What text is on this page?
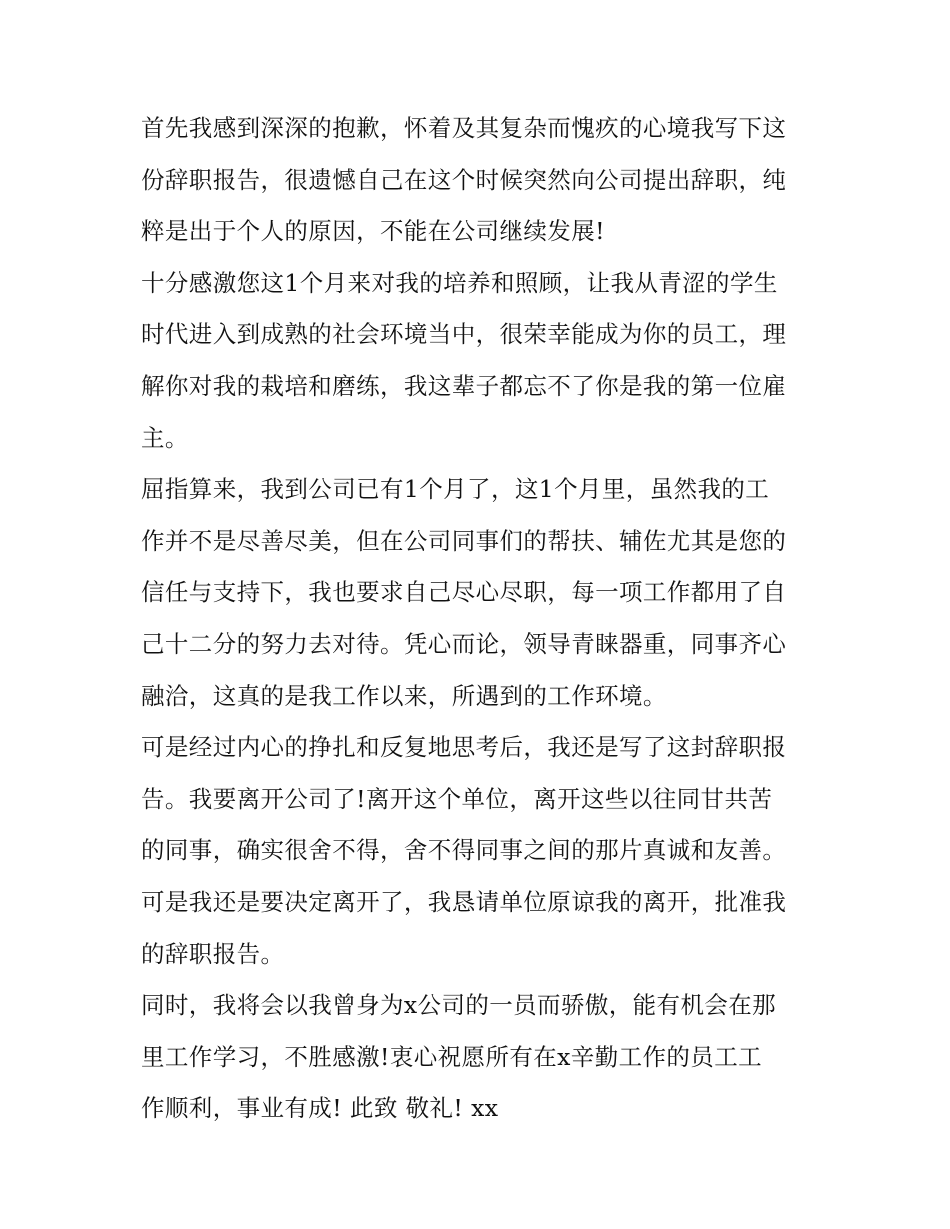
首先我感到深深的抱歉，怀着及其复杂而愧疚的心境我写下这
份辞职报告，很遗憾自己在这个时候突然向公司提出辞职，纯
粹是出于个人的原因，不能在公司继续发展!
十分感激您这1个月来对我的培养和照顾，让我从青涩的学生
时代进入到成熟的社会环境当中，很荣幸能成为你的员工，理
解你对我的栽培和磨练，我这辈子都忘不了你是我的第一位雇
主。
屈指算来，我到公司已有1个月了，这1个月里，虽然我的工
作并不是尽善尽美，但在公司同事们的帮扶、辅佐尤其是您的
信任与支持下，我也要求自己尽心尽职，每一项工作都用了自
己十二分的努力去对待。凭心而论，领导青睐器重，同事齐心
融洽，这真的是我工作以来，所遇到的工作环境。
可是经过内心的挣扎和反复地思考后，我还是写了这封辞职报
告。我要离开公司了!离开这个单位，离开这些以往同甘共苦
的同事，确实很舍不得，舍不得同事之间的那片真诚和友善。
可是我还是要决定离开了，我恳请单位原谅我的离开，批准我
的辞职报告。
同时，我将会以我曾身为x公司的一员而骄傲，能有机会在那
里工作学习，不胜感激!衷心祝愿所有在x辛勤工作的员工工
作顺利，事业有成! 此致 敬礼! xx
